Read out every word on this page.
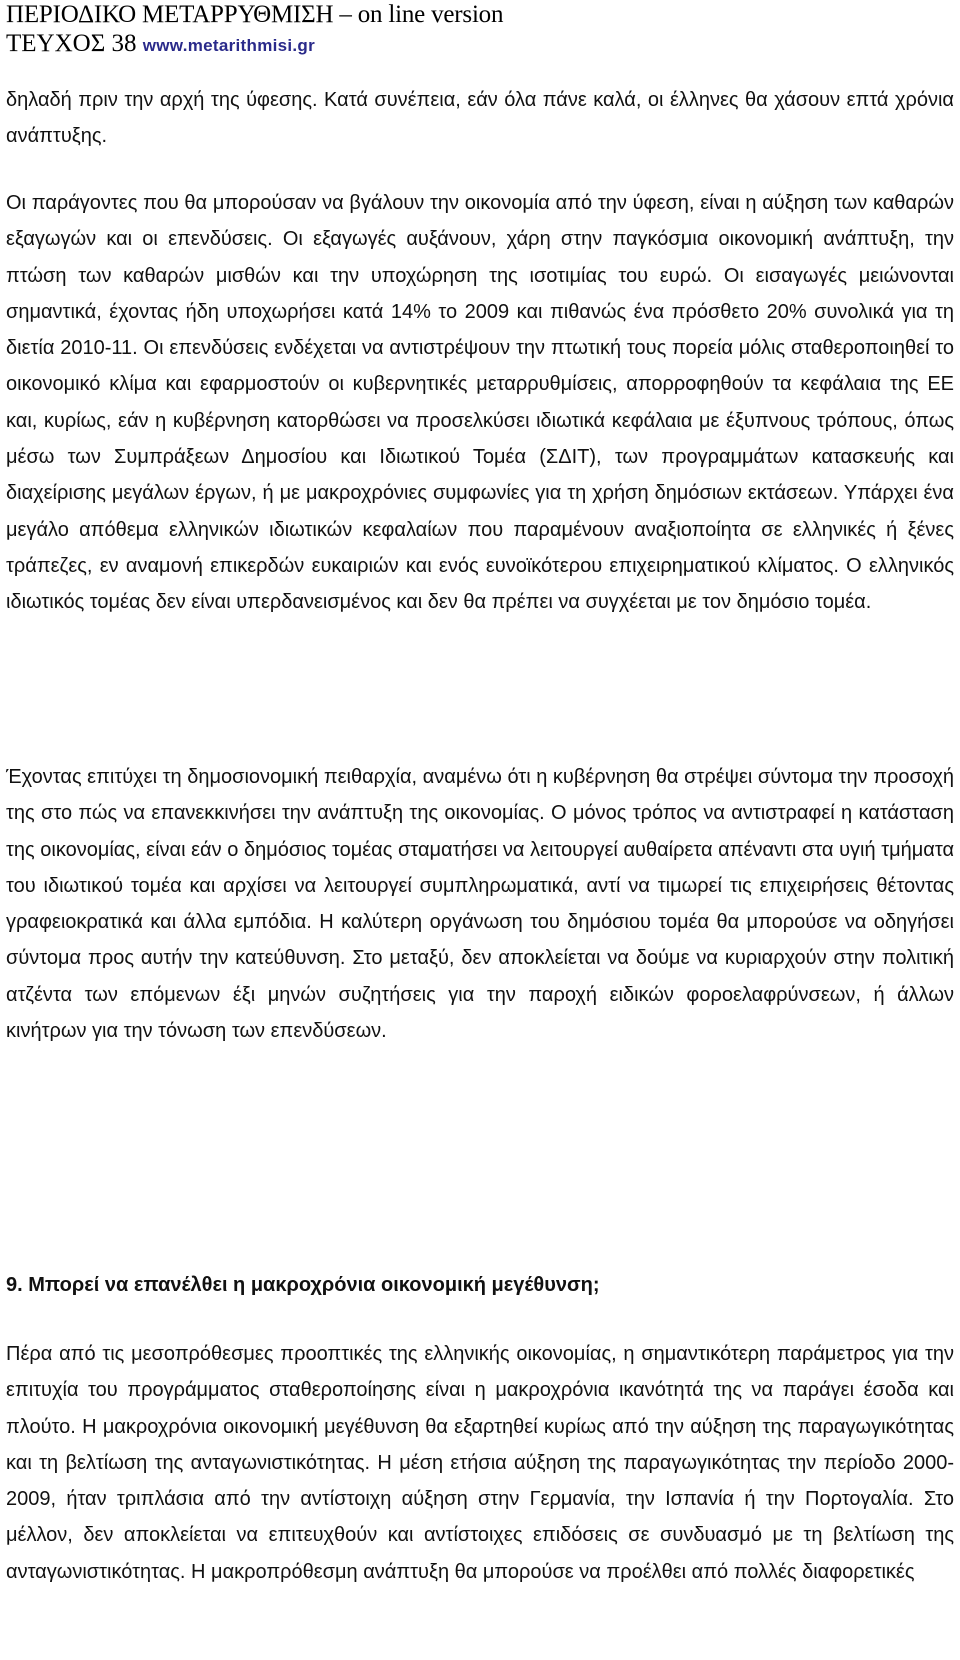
ΠΕΡΙΟΔΙΚΟ ΜΕΤΑΡΡΥΘΜΙΣΗ – on line version
ΤΕΥΧΟΣ 38 www.metarithmisi.gr

δηλαδή πριν την αρχή της ύφεσης. Κατά συνέπεια, εάν όλα πάνε καλά, οι έλληνες θα χάσουν επτά χρόνια ανάπτυξης.

Οι παράγοντες που θα μπορούσαν να βγάλουν την οικονομία από την ύφεση, είναι η αύξηση των καθαρών εξαγωγών και οι επενδύσεις. Οι εξαγωγές αυξάνουν, χάρη στην παγκόσμια οικονομική ανάπτυξη, την πτώση των καθαρών μισθών και την υποχώρηση της ισοτιμίας του ευρώ. Οι εισαγωγές μειώνονται σημαντικά, έχοντας ήδη υποχωρήσει κατά 14% το 2009 και πιθανώς ένα πρόσθετο 20% συνολικά για τη διετία 2010-11. Οι επενδύσεις ενδέχεται να αντιστρέψουν την πτωτική τους πορεία μόλις σταθεροποιηθεί το οικονομικό κλίμα και εφαρμοστούν οι κυβερνητικές μεταρρυθμίσεις, απορροφηθούν τα κεφάλαια της ΕΕ και, κυρίως, εάν η κυβέρνηση κατορθώσει να προσελκύσει ιδιωτικά κεφάλαια με έξυπνους τρόπους, όπως μέσω των Συμπράξεων Δημοσίου και Ιδιωτικού Τομέα (ΣΔΙΤ), των προγραμμάτων κατασκευής και διαχείρισης μεγάλων έργων, ή με μακροχρόνιες συμφωνίες για τη χρήση δημόσιων εκτάσεων. Υπάρχει ένα μεγάλο απόθεμα ελληνικών ιδιωτικών κεφαλαίων που παραμένουν αναξιοποίητα σε ελληνικές ή ξένες τράπεζες, εν αναμονή επικερδών ευκαιριών και ενός ευνοϊκότερου επιχειρηματικού κλίματος. Ο ελληνικός ιδιωτικός τομέας δεν είναι υπερδανεισμένος και δεν θα πρέπει να συγχέεται με τον δημόσιο τομέα.

Έχοντας επιτύχει τη δημοσιονομική πειθαρχία, αναμένω ότι η κυβέρνηση θα στρέψει σύντομα την προσοχή της στο πώς να επανεκκινήσει την ανάπτυξη της οικονομίας. Ο μόνος τρόπος να αντιστραφεί η κατάσταση της οικονομίας, είναι εάν ο δημόσιος τομέας σταματήσει να λειτουργεί αυθαίρετα απέναντι στα υγιή τμήματα του ιδιωτικού τομέα και αρχίσει να λειτουργεί συμπληρωματικά, αντί να τιμωρεί τις επιχειρήσεις θέτοντας γραφειοκρατικά και άλλα εμπόδια. Η καλύτερη οργάνωση του δημόσιου τομέα θα μπορούσε να οδηγήσει σύντομα προς αυτήν την κατεύθυνση. Στο μεταξύ, δεν αποκλείεται να δούμε να κυριαρχούν στην πολιτική ατζέντα των επόμενων έξι μηνών συζητήσεις για την παροχή ειδικών φοροελαφρύνσεων, ή άλλων κινήτρων για την τόνωση των επενδύσεων.

9. Μπορεί να επανέλθει η μακροχρόνια οικονομική μεγέθυνση;

Πέρα από τις μεσοπρόθεσμες προοπτικές της ελληνικής οικονομίας, η σημαντικότερη παράμετρος για την επιτυχία του προγράμματος σταθεροποίησης είναι η μακροχρόνια ικανότητά της να παράγει έσοδα και πλούτο. Η μακροχρόνια οικονομική μεγέθυνση θα εξαρτηθεί κυρίως από την αύξηση της παραγωγικότητας και τη βελτίωση της ανταγωνιστικότητας. Η μέση ετήσια αύξηση της παραγωγικότητας την περίοδο 2000-2009, ήταν τριπλάσια από την αντίστοιχη αύξηση στην Γερμανία, την Ισπανία ή την Πορτογαλία. Στο μέλλον, δεν αποκλείεται να επιτευχθούν και αντίστοιχες επιδόσεις σε συνδυασμό με τη βελτίωση της ανταγωνιστικότητας. Η μακροπρόθεσμη ανάπτυξη θα μπορούσε να προέλθει από πολλές διαφορετικές
